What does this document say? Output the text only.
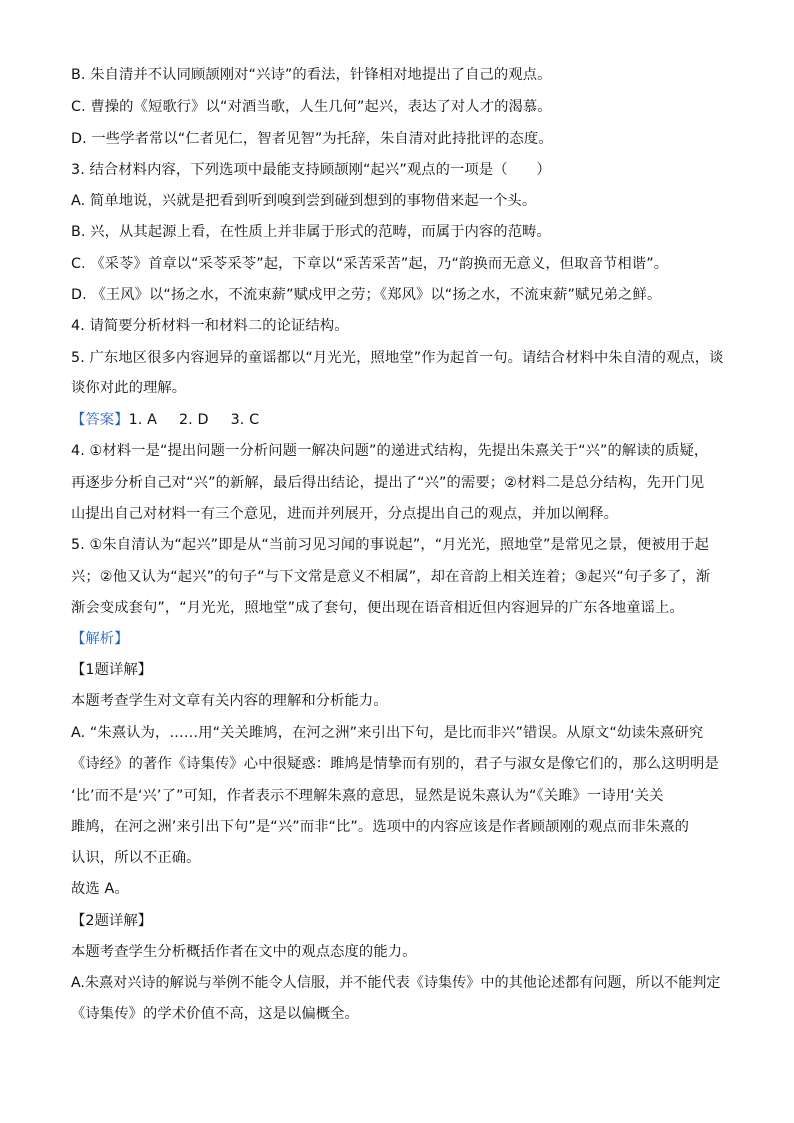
B. 朱自清并不认同顾颉刚对“兴诗”的看法，针锋相对地提出了自己的观点。
C. 曹操的《短歌行》以“对酒当歌，人生几何”起兴，表达了对人才的渴慕。
D. 一些学者常以“仁者见仁，智者见智”为托辞，朱自清对此持批评的态度。
3. 结合材料内容，下列选项中最能支持顾颉刚“起兴”观点的一项是（　　）
A. 简单地说，兴就是把看到听到嗅到尝到碰到想到的事物借来起一个头。
B. 兴，从其起源上看，在性质上并非属于形式的范畴，而属于内容的范畴。
C. 《采苓》首章以“采苓采苓”起，下章以“采苦采苦”起，乃“韵换而无意义，但取音节相谐”。
D. 《王风》以“扬之水，不流束薪”赋戍甲之劳；《郑风》以“扬之水，不流束薪”赋兄弟之鲜。
4. 请简要分析材料一和材料二的论证结构。
5. 广东地区很多内容迥异的童谣都以“月光光，照地堂”作为起首一句。请结合材料中朱自清的观点，谈
谈你对此的理解。
【答案】1. A 2. D 3. C
4. ①材料一是“提出问题一分析问题一解决问题”的递进式结构，先提出朱熹关于“兴”的解读的质疑，
再逐步分析自己对“兴”的新解，最后得出结论，提出了“兴”的需要；②材料二是总分结构，先开门见
山提出自己对材料一有三个意见，进而并列展开，分点提出自己的观点，并加以阐释。
5. ①朱自清认为“起兴”即是从“当前习见习闻的事说起”，“月光光，照地堂”是常见之景，便被用于起
兴；②他又认为“起兴”的句子“与下文常是意义不相属”，却在音韵上相关连着；③起兴“句子多了，渐
渐会变成套句”，“月光光，照地堂”成了套句，便出现在语音相近但内容迥异的广东各地童谣上。
【解析】
【1题详解】
本题考查学生对文章有关内容的理解和分析能力。
A. “朱熹认为，……用“关关雎鸠，在河之洲”来引出下句，是比而非兴”错误。从原文“幼读朱熹研究
《诗经》的著作《诗集传》心中很疑惑：雎鸠是情挚而有别的，君子与淑女是像它们的，那么这明明是
‘比’而不是‘兴’了”可知，作者表示不理解朱熹的意思，显然是说朱熹认为“《关雎》一诗用‘关关
雎鸠，在河之洲’来引出下句”是“兴”而非“比”。选项中的内容应该是作者顾颉刚的观点而非朱熹的
认识，所以不正确。
故选 A。
【2题详解】
本题考查学生分析概括作者在文中的观点态度的能力。
A.朱熹对兴诗的解说与举例不能令人信服，并不能代表《诗集传》中的其他论述都有问题，所以不能判定
《诗集传》的学术价值不高，这是以偏概全。
